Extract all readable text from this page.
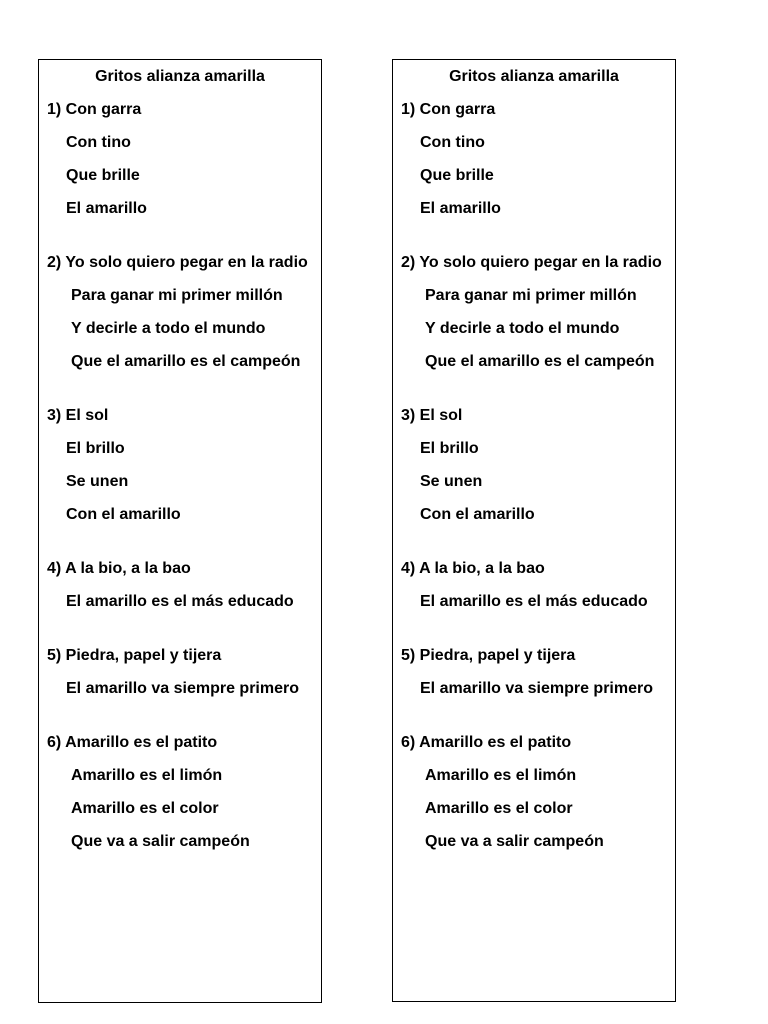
Gritos alianza amarilla
1) Con garra
Con tino
Que brille
El amarillo
2) Yo solo quiero pegar en la radio
Para ganar mi primer millón
Y decirle a todo el mundo
Que el amarillo es el campeón
3) El sol
El brillo
Se unen
Con el amarillo
4) A la bio, a la bao
El amarillo es el más educado
5) Piedra, papel y tijera
El amarillo va siempre primero
6) Amarillo es el patito
Amarillo es el limón
Amarillo es el color
Que va a salir campeón
Gritos alianza amarilla
1) Con garra
Con tino
Que brille
El amarillo
2) Yo solo quiero pegar en la radio
Para ganar mi primer millón
Y decirle a todo el mundo
Que el amarillo es el campeón
3) El sol
El brillo
Se unen
Con el amarillo
4) A la bio, a la bao
El amarillo es el más educado
5) Piedra, papel y tijera
El amarillo va siempre primero
6) Amarillo es el patito
Amarillo es el limón
Amarillo es el color
Que va a salir campeón
